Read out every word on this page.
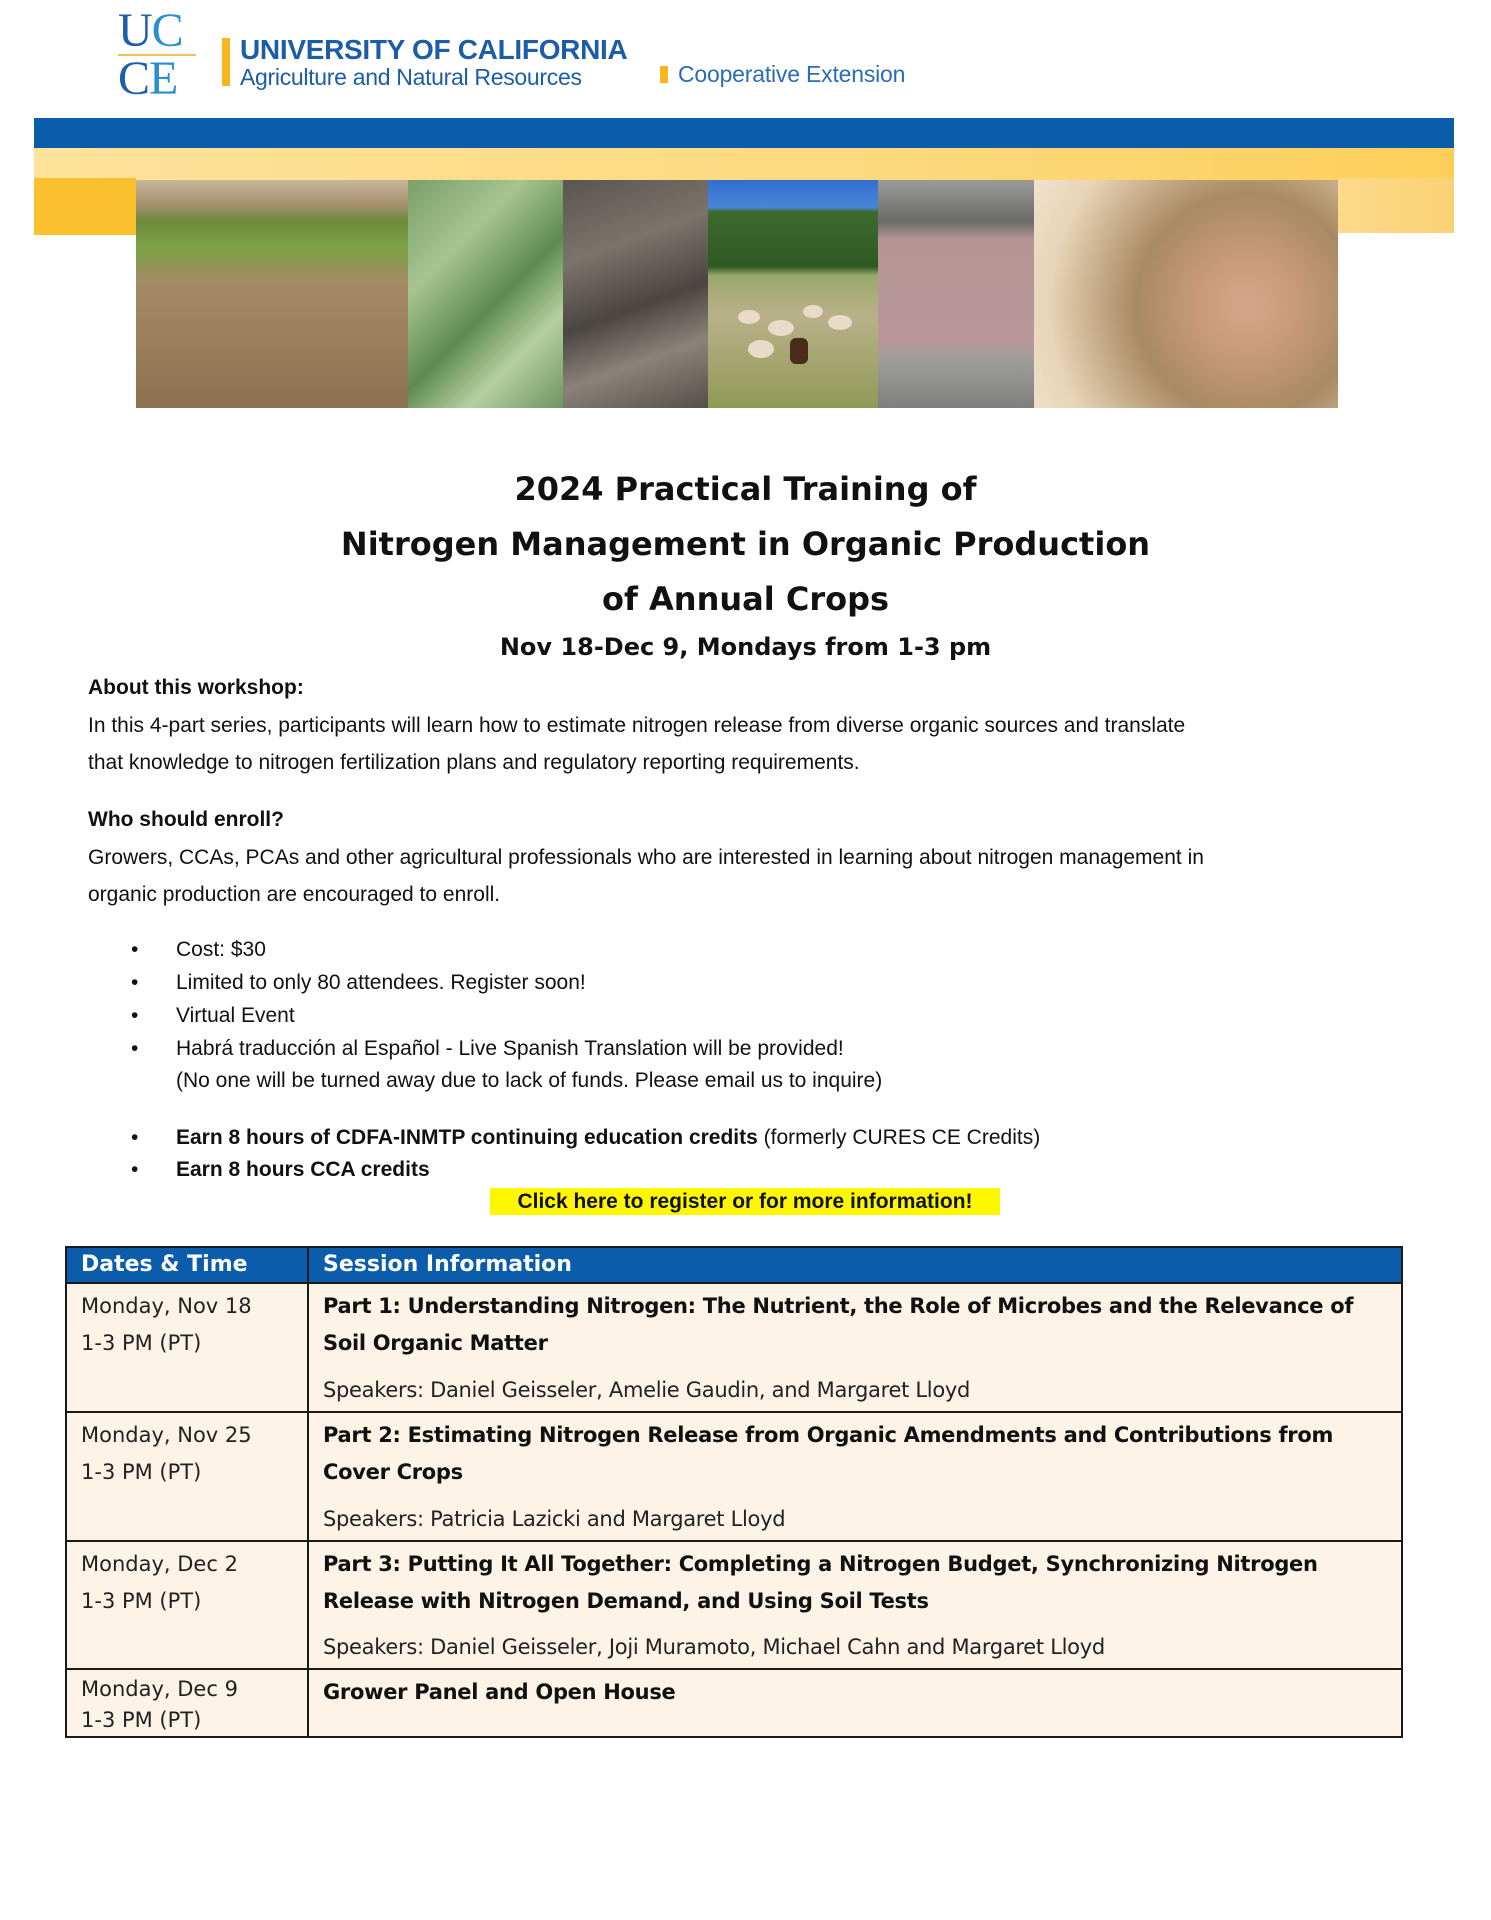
UC
CE
UNIVERSITY OF CALIFORNIA
Agriculture and Natural Resources	Cooperative Extension
2024 Practical Training of
Nitrogen Management in Organic Production
of Annual Crops
Nov 18-Dec 9, Mondays from 1-3 pm
About this workshop:
In this 4-part series, participants will learn how to estimate nitrogen release from diverse organic sources and translate
that knowledge to nitrogen fertilization plans and regulatory reporting requirements.
Who should enroll?
Growers, CCAs, PCAs and other agricultural professionals who are interested in learning about nitrogen management in
organic production are encouraged to enroll.
• Cost: $30
• Limited to only 80 attendees. Register soon!
• Virtual Event
• Habrá traducción al Español - Live Spanish Translation will be provided!
(No one will be turned away due to lack of funds. Please email us to inquire)
• Earn 8 hours of CDFA-INMTP continuing education credits (formerly CURES CE Credits)
• Earn 8 hours CCA credits
Click here to register or for more information!
Dates & Time	Session Information
Monday, Nov 18
1-3 PM (PT)
Part 1: Understanding Nitrogen: The Nutrient, the Role of Microbes and the Relevance of
Soil Organic Matter
Speakers: Daniel Geisseler, Amelie Gaudin, and Margaret Lloyd
Monday, Nov 25
1-3 PM (PT)
Part 2: Estimating Nitrogen Release from Organic Amendments and Contributions from
Cover Crops
Speakers: Patricia Lazicki and Margaret Lloyd
Monday, Dec 2
1-3 PM (PT)
Part 3: Putting It All Together: Completing a Nitrogen Budget, Synchronizing Nitrogen
Release with Nitrogen Demand, and Using Soil Tests
Speakers: Daniel Geisseler, Joji Muramoto, Michael Cahn and Margaret Lloyd
Monday, Dec 9
1-3 PM (PT)
Grower Panel and Open House
